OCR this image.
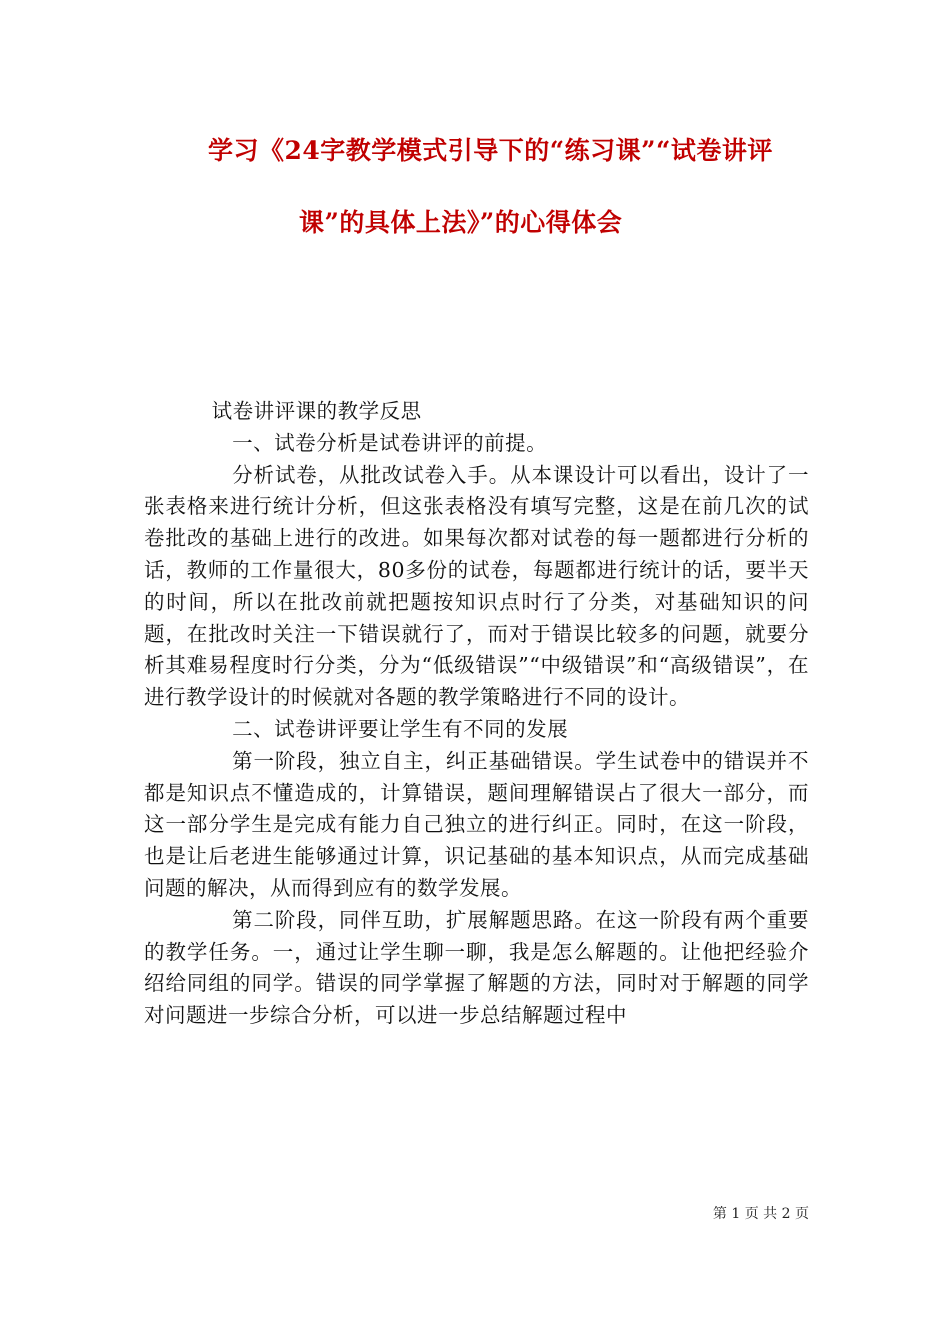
学习《24字教学模式引导下的“练习课”“试卷讲评
课”的具体上法》”的心得体会

试卷讲评课的教学反思

一、试卷分析是试卷讲评的前提。

分析试卷，从批改试卷入手。从本课设计可以看出，设计了一张表格来进行统计分析，但这张表格没有填写完整，这是在前几次的试卷批改的基础上进行的改进。如果每次都对试卷的每一题都进行分析的话，教师的工作量很大，80多份的试卷，每题都进行统计的话，要半天的时间，所以在批改前就把题按知识点时行了分类，对基础知识的问题，在批改时关注一下错误就行了，而对于错误比较多的问题，就要分析其难易程度时行分类，分为“低级错误”“中级错误”和“高级错误”，在进行教学设计的时候就对各题的教学策略进行不同的设计。

二、试卷讲评要让学生有不同的发展

第一阶段，独立自主，纠正基础错误。学生试卷中的错误并不都是知识点不懂造成的，计算错误，题间理解错误占了很大一部分，而这一部分学生是完成有能力自己独立的进行纠正。同时，在这一阶段，也是让后老进生能够通过计算，识记基础的基本知识点，从而完成基础问题的解决，从而得到应有的数学发展。

第二阶段，同伴互助，扩展解题思路。在这一阶段有两个重要的教学任务。一，通过让学生聊一聊，我是怎么解题的。让他把经验介绍给同组的同学。错误的同学掌握了解题的方法，同时对于解题的同学对问题进一步综合分析，可以进一步总结解题过程中

第 1 页 共 2 页
